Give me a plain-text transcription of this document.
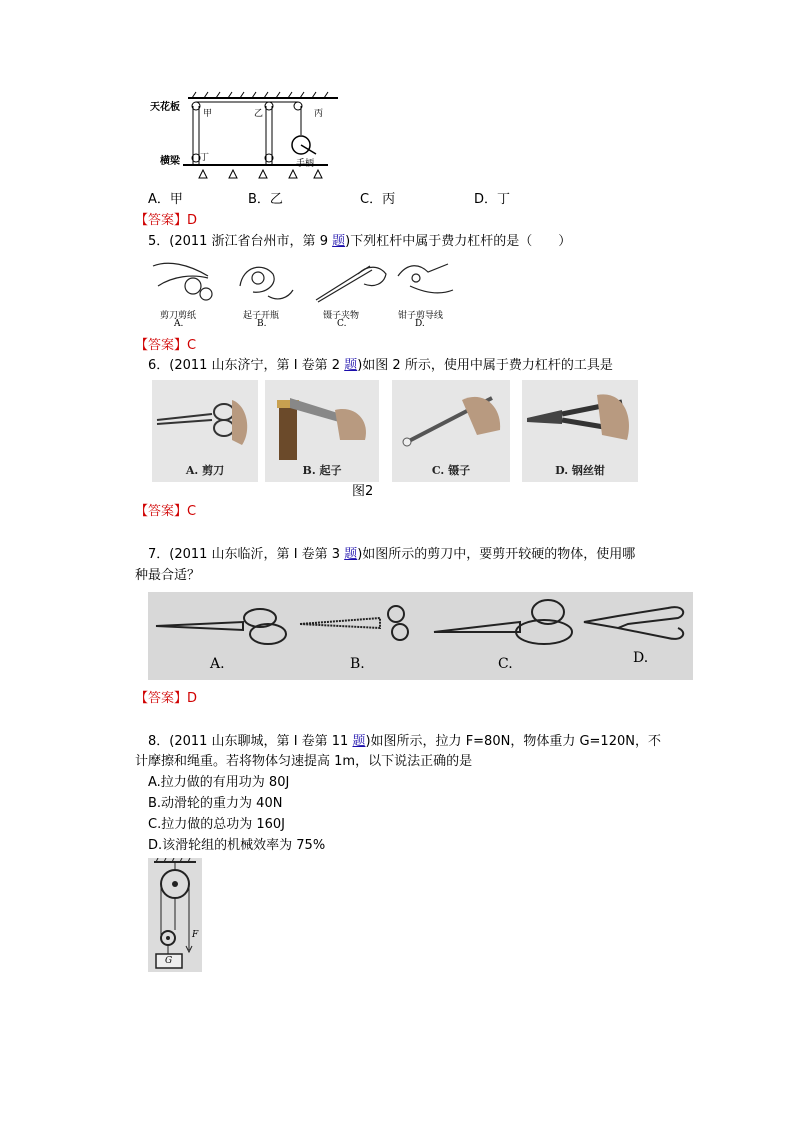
天花板
横梁
甲	乙	丙
丁
手柄
A．甲	B．乙	C．丙	D．丁
【答案】D
5．(2011 浙江省台州市，第 9 题)下列杠杆中属于费力杠杆的是（　　）
剪刀剪纸
A.
起子开瓶
B.
镊子夹物
C.
钳子剪导线
D.
【答案】C
6．(2011 山东济宁，第 I 卷第 2 题)如图 2 所示，使用中属于费力杠杆的工具是
A. 剪刀	B. 起子	C. 镊子	D. 钢丝钳
图2
【答案】C
7．(2011 山东临沂，第 I 卷第 3 题)如图所示的剪刀中，要剪开较硬的物体，使用哪
种最合适？
A.	B.	C.	D.
【答案】D
8．(2011 山东聊城，第 I 卷第 11 题)如图所示，拉力 F=80N，物体重力 G=120N，不
计摩擦和绳重。若将物体匀速提高 1m，以下说法正确的是
A.拉力做的有用功为 80J
B.动滑轮的重力为 40N
C.拉力做的总功为 160J
D.该滑轮组的机械效率为 75%
F
G
